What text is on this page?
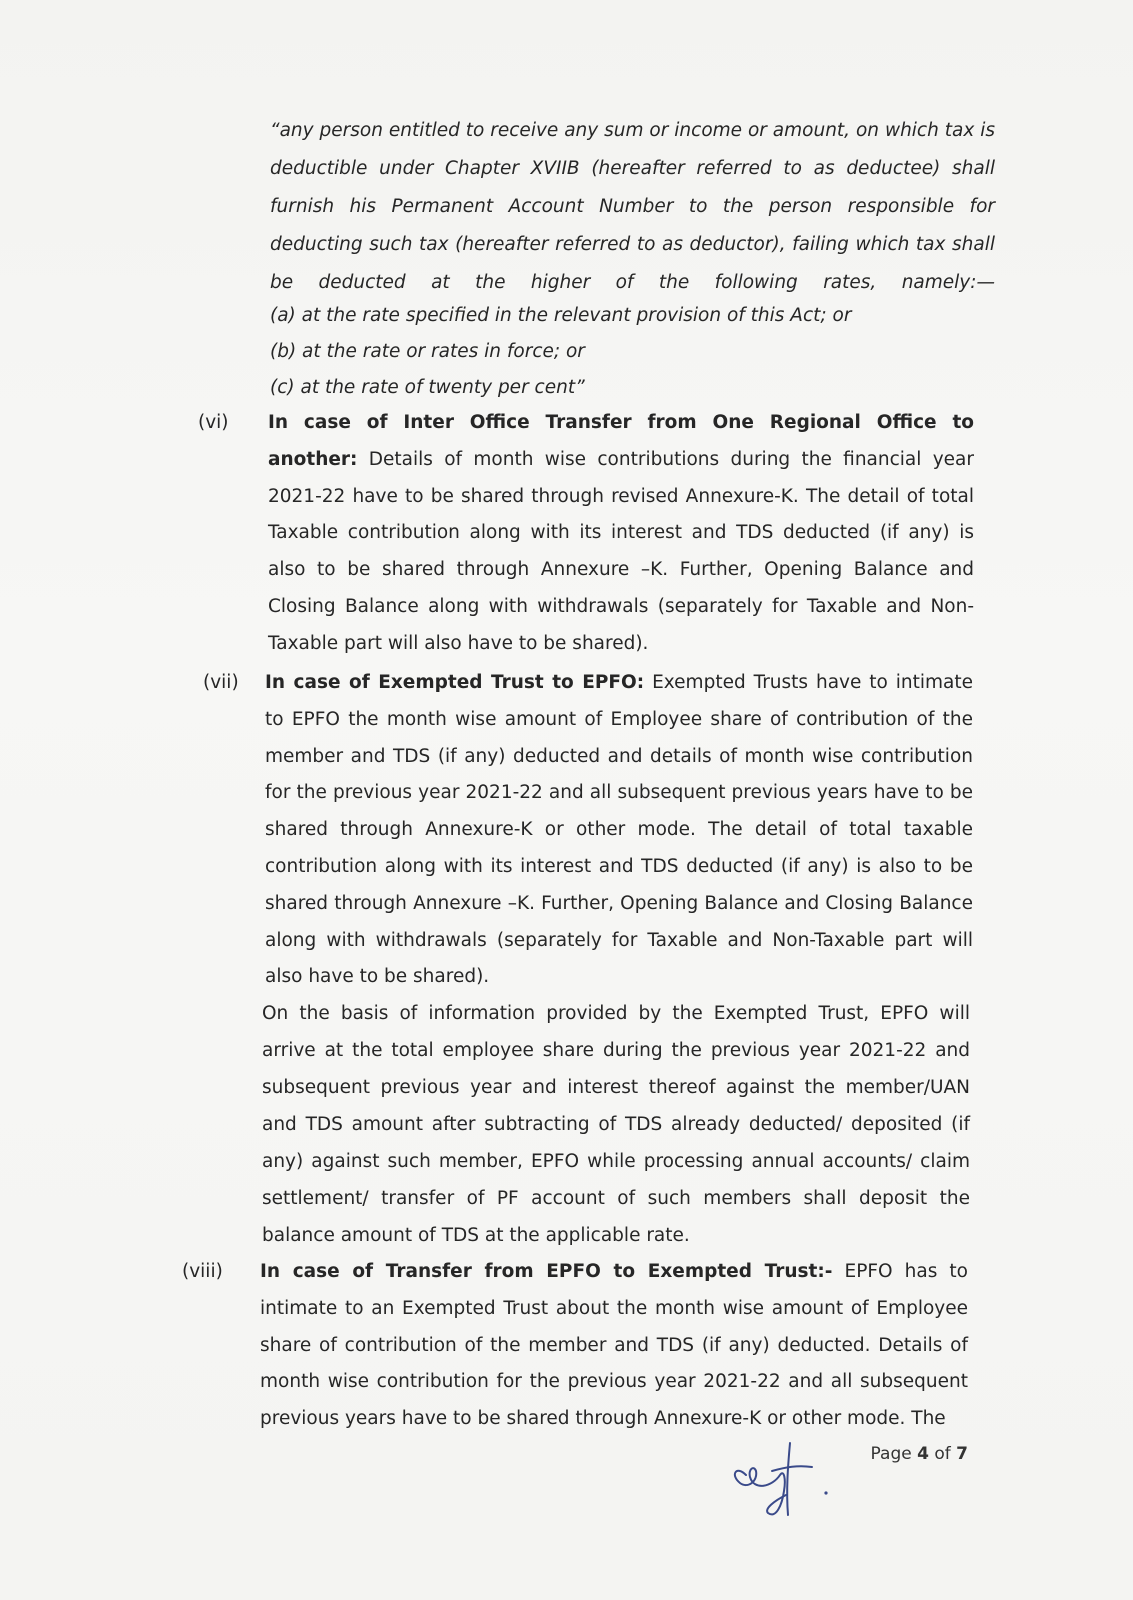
“any person entitled to receive any sum or income or amount, on which tax is deductible under Chapter XVIIB (hereafter referred to as deductee) shall furnish his Permanent Account Number to the person responsible for deducting such tax (hereafter referred to as deductor), failing which tax shall be deducted at the higher of the following rates, namely:—
(a) at the rate specified in the relevant provision of this Act; or
(b) at the rate or rates in force; or
(c) at the rate of twenty per cent”
(vi) In case of Inter Office Transfer from One Regional Office to another: Details of month wise contributions during the financial year 2021-22 have to be shared through revised Annexure-K. The detail of total Taxable contribution along with its interest and TDS deducted (if any) is also to be shared through Annexure –K. Further, Opening Balance and Closing Balance along with withdrawals (separately for Taxable and Non-Taxable part will also have to be shared).

(vii) In case of Exempted Trust to EPFO: Exempted Trusts have to intimate to EPFO the month wise amount of Employee share of contribution of the member and TDS (if any) deducted and details of month wise contribution for the previous year 2021-22 and all subsequent previous years have to be shared through Annexure-K or other mode. The detail of total taxable contribution along with its interest and TDS deducted (if any) is also to be shared through Annexure –K. Further, Opening Balance and Closing Balance along with withdrawals (separately for Taxable and Non-Taxable part will also have to be shared).

On the basis of information provided by the Exempted Trust, EPFO will arrive at the total employee share during the previous year 2021-22 and subsequent previous year and interest thereof against the member/UAN and TDS amount after subtracting of TDS already deducted/ deposited (if any) against such member, EPFO while processing annual accounts/ claim settlement/ transfer of PF account of such members shall deposit the balance amount of TDS at the applicable rate.
(viii) In case of Transfer from EPFO to Exempted Trust:- EPFO has to intimate to an Exempted Trust about the month wise amount of Employee share of contribution of the member and TDS (if any) deducted. Details of month wise contribution for the previous year 2021-22 and all subsequent previous years have to be shared through Annexure-K or other mode. The

Page 4 of 7
